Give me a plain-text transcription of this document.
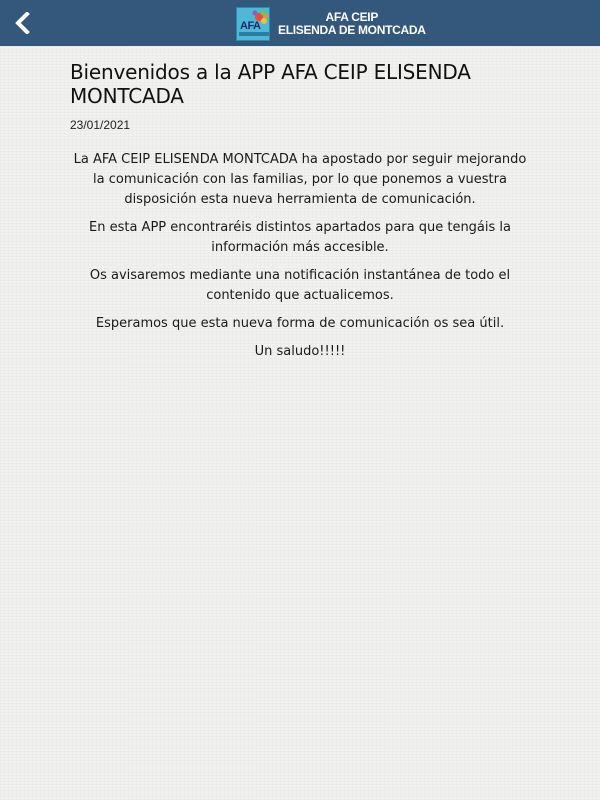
AFA
AFA CEIP
ELISENDA DE MONTCADA
Bienvenidos a la APP AFA CEIP ELISENDA MONTCADA
23/01/2021

La AFA CEIP ELISENDA MONTCADA ha apostado por seguir mejorando la comunicación con las familias, por lo que ponemos a vuestra disposición esta nueva herramienta de comunicación.

En esta APP encontraréis distintos apartados para que tengáis la información más accesible.

Os avisaremos mediante una notificación instantánea de todo el contenido que actualicemos.

Esperamos que esta nueva forma de comunicación os sea útil.

Un saludo!!!!!
